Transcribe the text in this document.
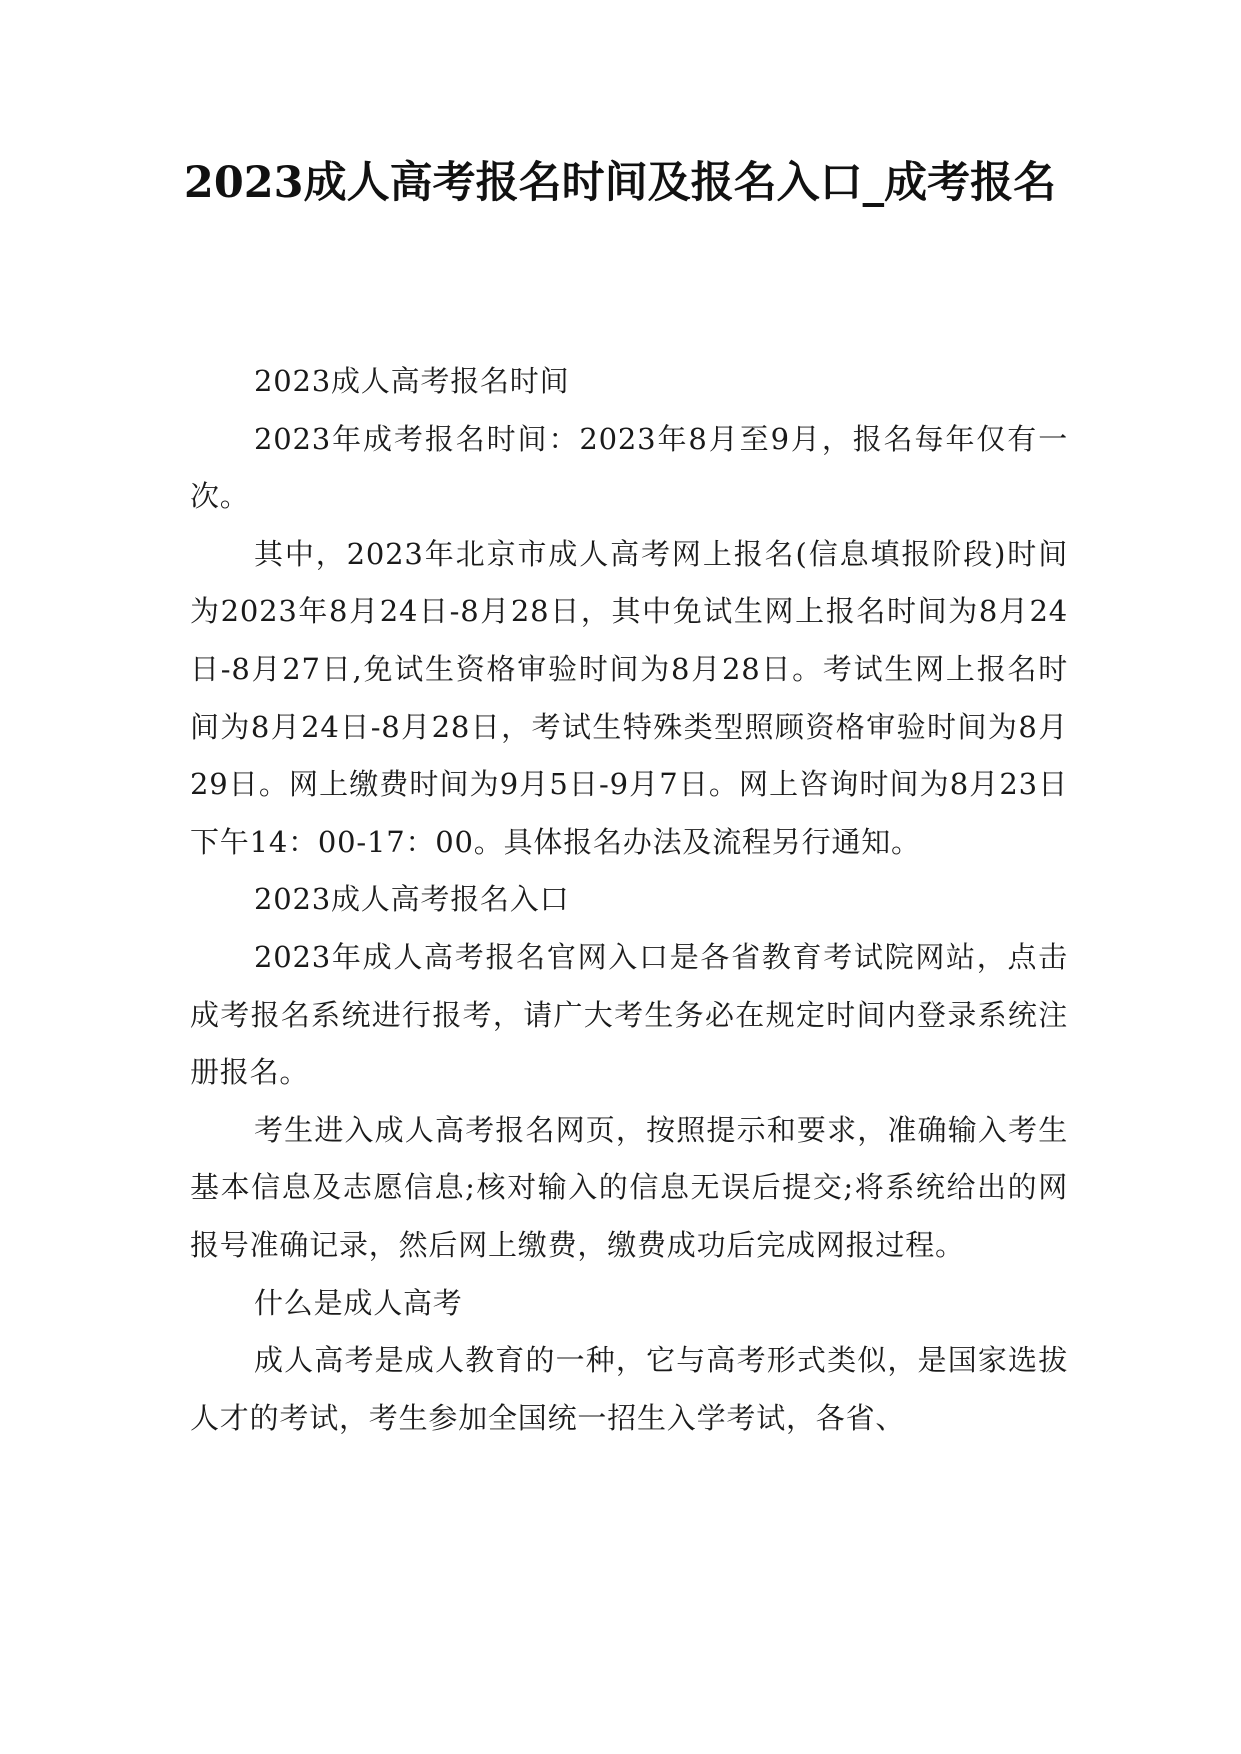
2023成人高考报名时间及报名入口_成考报名

2023成人高考报名时间

2023年成考报名时间：2023年8月至9月，报名每年仅有一次。

其中，2023年北京市成人高考网上报名(信息填报阶段)时间为2023年8月24日-8月28日，其中免试生网上报名时间为8月24日-8月27日,免试生资格审验时间为8月28日。考试生网上报名时间为8月24日-8月28日，考试生特殊类型照顾资格审验时间为8月29日。网上缴费时间为9月5日-9月7日。网上咨询时间为8月23日下午14：00-17：00。具体报名办法及流程另行通知。

2023成人高考报名入口

2023年成人高考报名官网入口是各省教育考试院网站，点击成考报名系统进行报考，请广大考生务必在规定时间内登录系统注册报名。

考生进入成人高考报名网页，按照提示和要求，准确输入考生基本信息及志愿信息;核对输入的信息无误后提交;将系统给出的网报号准确记录，然后网上缴费，缴费成功后完成网报过程。

什么是成人高考

成人高考是成人教育的一种，它与高考形式类似，是国家选拔人才的考试，考生参加全国统一招生入学考试，各省、
